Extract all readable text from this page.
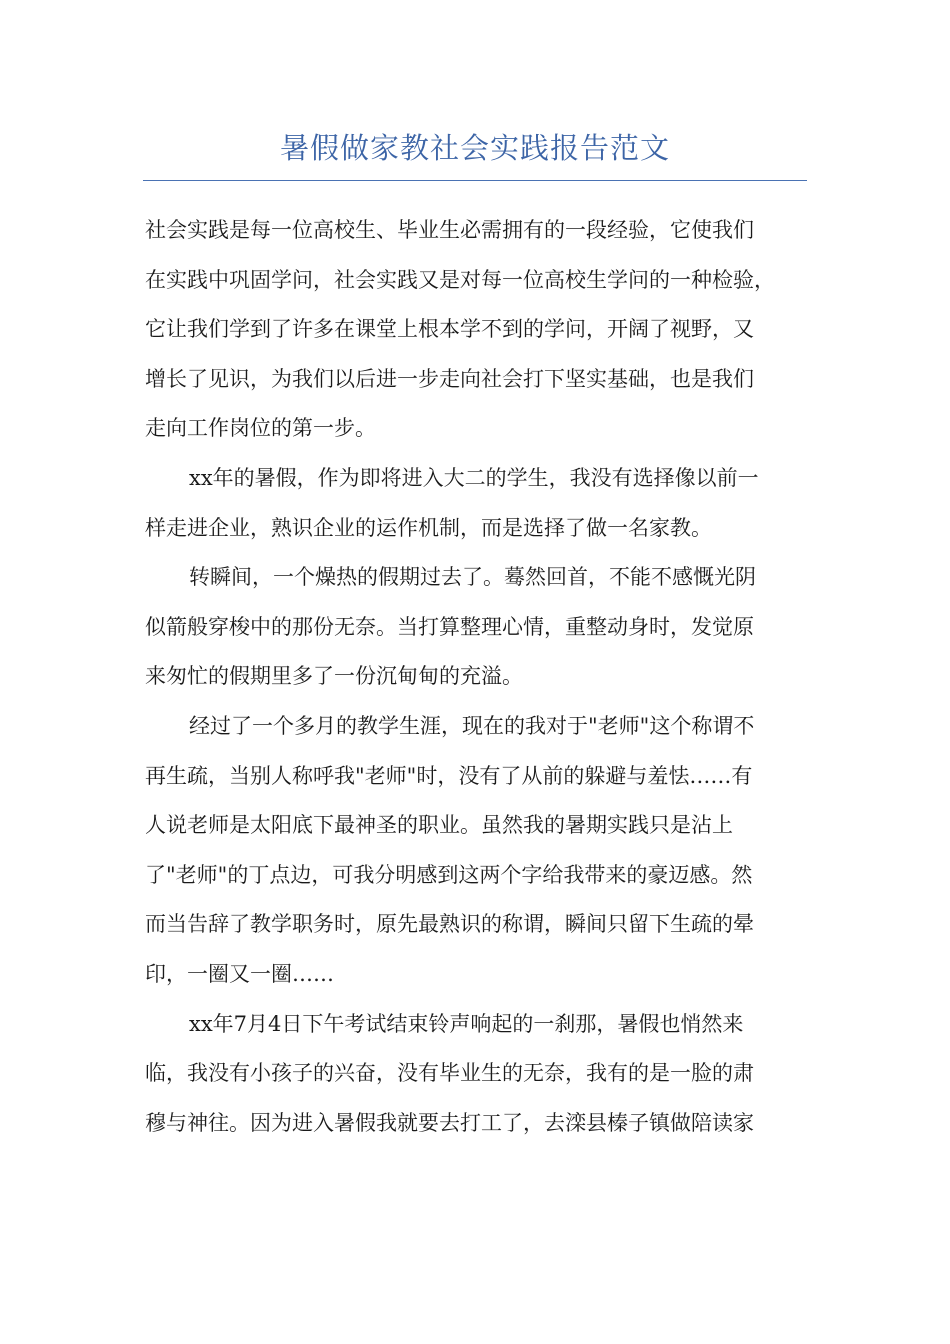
暑假做家教社会实践报告范文
社会实践是每一位高校生、毕业生必需拥有的一段经验，它使我们
在实践中巩固学问，社会实践又是对每一位高校生学问的一种检验，
它让我们学到了许多在课堂上根本学不到的学问，开阔了视野，又
增长了见识，为我们以后进一步走向社会打下坚实基础，也是我们
走向工作岗位的第一步。
xx年的暑假，作为即将进入大二的学生，我没有选择像以前一
样走进企业，熟识企业的运作机制，而是选择了做一名家教。
转瞬间，一个燥热的假期过去了。蓦然回首，不能不感慨光阴
似箭般穿梭中的那份无奈。当打算整理心情，重整动身时，发觉原
来匆忙的假期里多了一份沉甸甸的充溢。
经过了一个多月的教学生涯，现在的我对于"老师"这个称谓不
再生疏，当别人称呼我"老师"时，没有了从前的躲避与羞怯……有
人说老师是太阳底下最神圣的职业。虽然我的暑期实践只是沾上
了"老师"的丁点边，可我分明感到这两个字给我带来的豪迈感。然
而当告辞了教学职务时，原先最熟识的称谓，瞬间只留下生疏的晕
印，一圈又一圈……
xx年7月4日下午考试结束铃声响起的一刹那，暑假也悄然来
临，我没有小孩子的兴奋，没有毕业生的无奈，我有的是一脸的肃
穆与神往。因为进入暑假我就要去打工了，去滦县榛子镇做陪读家
